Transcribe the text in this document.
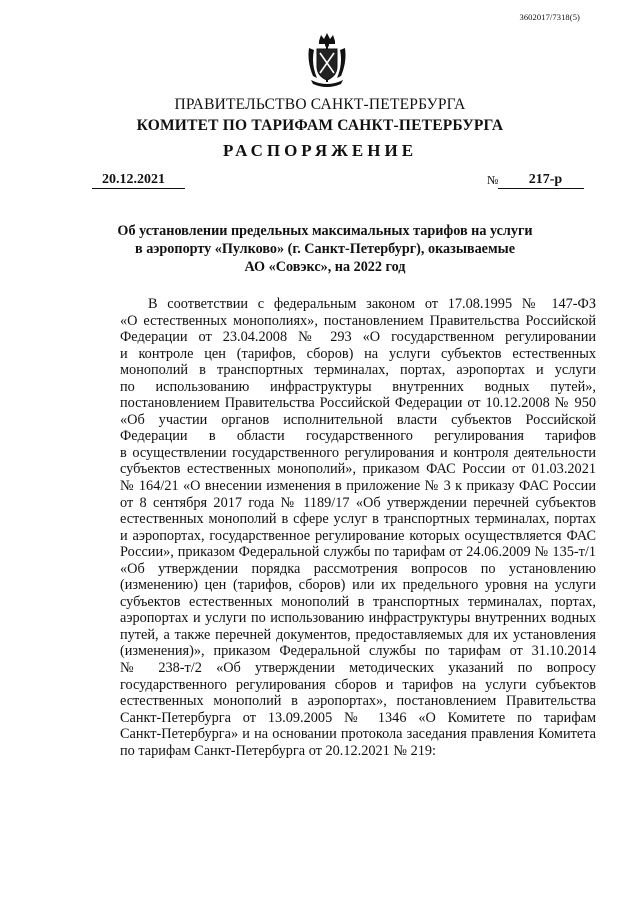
3602017/7318(5)
ПРАВИТЕЛЬСТВО САНКТ-ПЕТЕРБУРГА
КОМИТЕТ ПО ТАРИФАМ САНКТ-ПЕТЕРБУРГА
РАСПОРЯЖЕНИЕ
20.12.2021	№ 217-р
Об установлении предельных максимальных тарифов на услуги
в аэропорту «Пулково» (г. Санкт-Петербург), оказываемые
АО «Совэкс», на 2022 год
В соответствии с федеральным законом от 17.08.1995 № 147-ФЗ
«О естественных монополиях», постановлением Правительства Российской
Федерации от 23.04.2008 № 293 «О государственном регулировании
и контроле цен (тарифов, сборов) на услуги субъектов естественных
монополий в транспортных терминалах, портах, аэропортах и услуги
по использованию инфраструктуры внутренних водных путей»,
постановлением Правительства Российской Федерации от 10.12.2008 № 950
«Об участии органов исполнительной власти субъектов Российской
Федерации в области государственного регулирования тарифов
в осуществлении государственного регулирования и контроля деятельности
субъектов естественных монополий», приказом ФАС России от 01.03.2021
№ 164/21 «О внесении изменения в приложение № 3 к приказу ФАС России
от 8 сентября 2017 года № 1189/17 «Об утверждении перечней субъектов
естественных монополий в сфере услуг в транспортных терминалах, портах
и аэропортах, государственное регулирование которых осуществляется ФАС
России», приказом Федеральной службы по тарифам от 24.06.2009 № 135-т/1
«Об утверждении порядка рассмотрения вопросов по установлению
(изменению) цен (тарифов, сборов) или их предельного уровня на услуги
субъектов естественных монополий в транспортных терминалах, портах,
аэропортах и услуги по использованию инфраструктуры внутренних водных
путей, а также перечней документов, предоставляемых для их установления
(изменения)», приказом Федеральной службы по тарифам от 31.10.2014
№ 238-т/2 «Об утверждении методических указаний по вопросу
государственного регулирования сборов и тарифов на услуги субъектов
естественных монополий в аэропортах», постановлением Правительства
Санкт-Петербурга от 13.09.2005 № 1346 «О Комитете по тарифам
Санкт-Петербурга» и на основании протокола заседания правления Комитета
по тарифам Санкт-Петербурга от 20.12.2021 № 219:
